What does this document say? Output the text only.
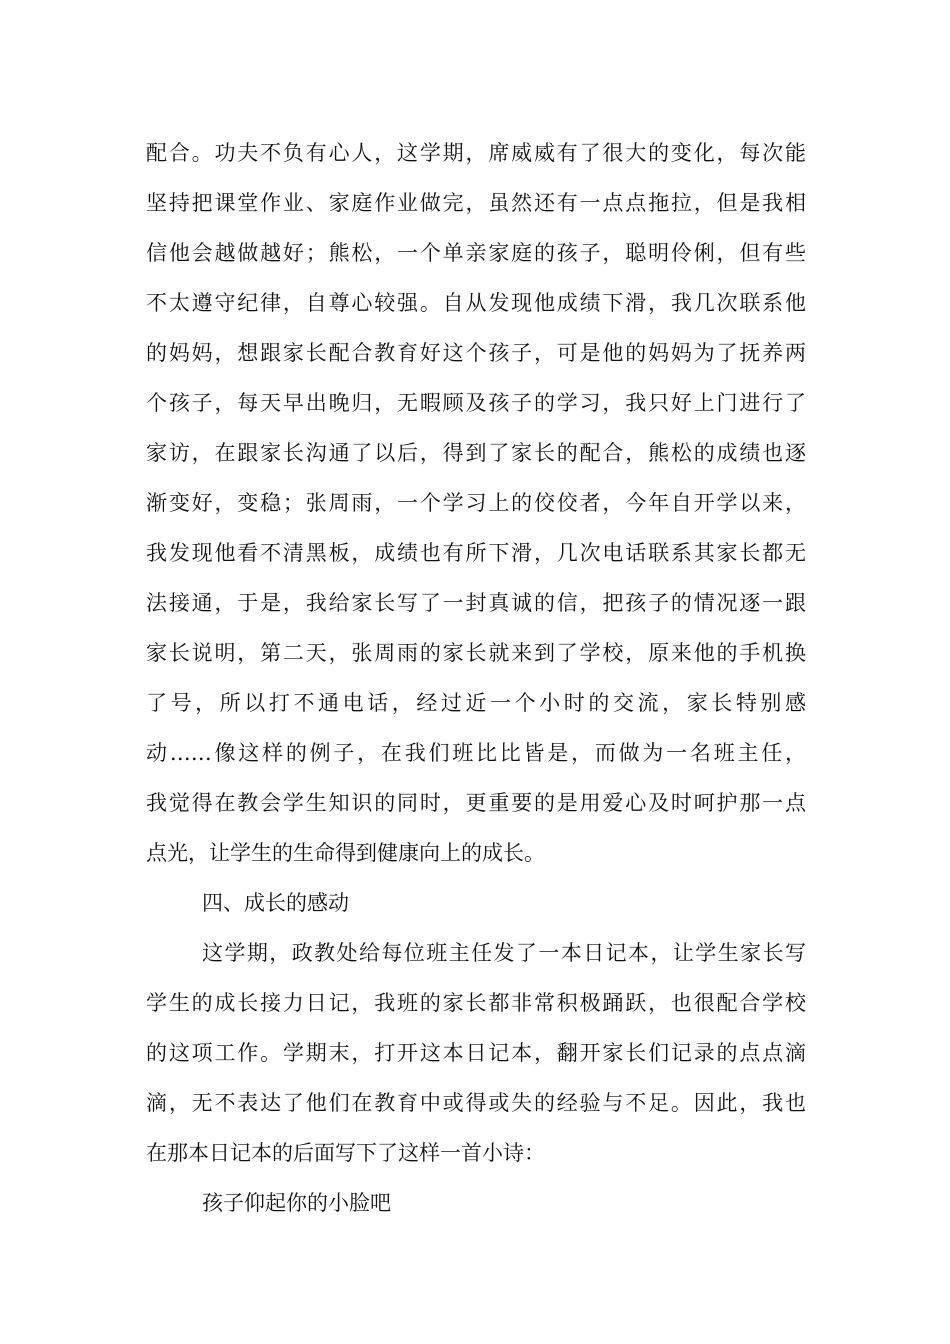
配合。功夫不负有心人，这学期，席威威有了很大的变化，每次能
坚持把课堂作业、家庭作业做完，虽然还有一点点拖拉，但是我相
信他会越做越好；熊松，一个单亲家庭的孩子，聪明伶俐，但有些
不太遵守纪律，自尊心较强。自从发现他成绩下滑，我几次联系他
的妈妈，想跟家长配合教育好这个孩子，可是他的妈妈为了抚养两
个孩子，每天早出晚归，无暇顾及孩子的学习，我只好上门进行了
家访，在跟家长沟通了以后，得到了家长的配合，熊松的成绩也逐
渐变好，变稳；张周雨，一个学习上的佼佼者，今年自开学以来，
我发现他看不清黑板，成绩也有所下滑，几次电话联系其家长都无
法接通，于是，我给家长写了一封真诚的信，把孩子的情况逐一跟
家长说明，第二天，张周雨的家长就来到了学校，原来他的手机换
了号，所以打不通电话，经过近一个小时的交流，家长特别感
动……像这样的例子，在我们班比比皆是，而做为一名班主任，
我觉得在教会学生知识的同时，更重要的是用爱心及时呵护那一点
点光，让学生的生命得到健康向上的成长。
四、成长的感动
这学期，政教处给每位班主任发了一本日记本，让学生家长写
学生的成长接力日记，我班的家长都非常积极踊跃，也很配合学校
的这项工作。学期末，打开这本日记本，翻开家长们记录的点点滴
滴，无不表达了他们在教育中或得或失的经验与不足。因此，我也
在那本日记本的后面写下了这样一首小诗：
孩子仰起你的小脸吧
